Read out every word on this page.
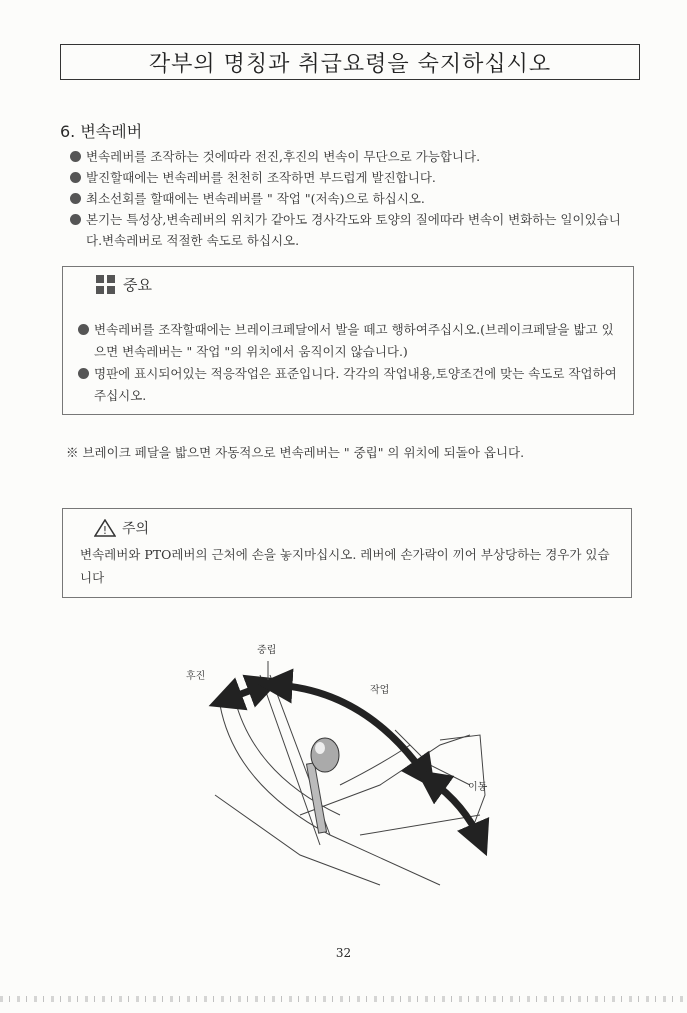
각부의 명칭과 취급요령을 숙지하십시오
6. 변속레버
변속레버를 조작하는 것에따라 전진,후진의 변속이 무단으로 가능합니다.
발진할때에는 변속레버를 천천히 조작하면 부드럽게 발진합니다.
최소선회를 할때에는 변속레버를 " 작업 "(저속)으로 하십시오.
본기는 특성상,변속레버의 위치가 같아도 경사각도와 토양의 질에따라 변속이 변화하는 일이있습니다.변속레버로 적절한 속도로 하십시오.
중요
변속레버를 조작할때에는 브레이크페달에서 발을 떼고 행하여주십시오.(브레이크페달을 밟고 있으면 변속레버는 " 작업 "의 위치에서 움직이지 않습니다.)
명판에 표시되어있는 적응작업은 표준입니다. 각각의 작업내용,토양조건에 맞는 속도로 작업하여 주십시오.
※ 브레이크 페달을 밟으면 자동적으로 변속레버는 " 중립" 의 위치에 되돌아 옵니다.
! 주의
변속레버와 PTO레버의 근처에 손을 놓지마십시오. 레버에 손가락이 끼어 부상당하는 경우가 있습니다
후진
중립
작업
이동
32
